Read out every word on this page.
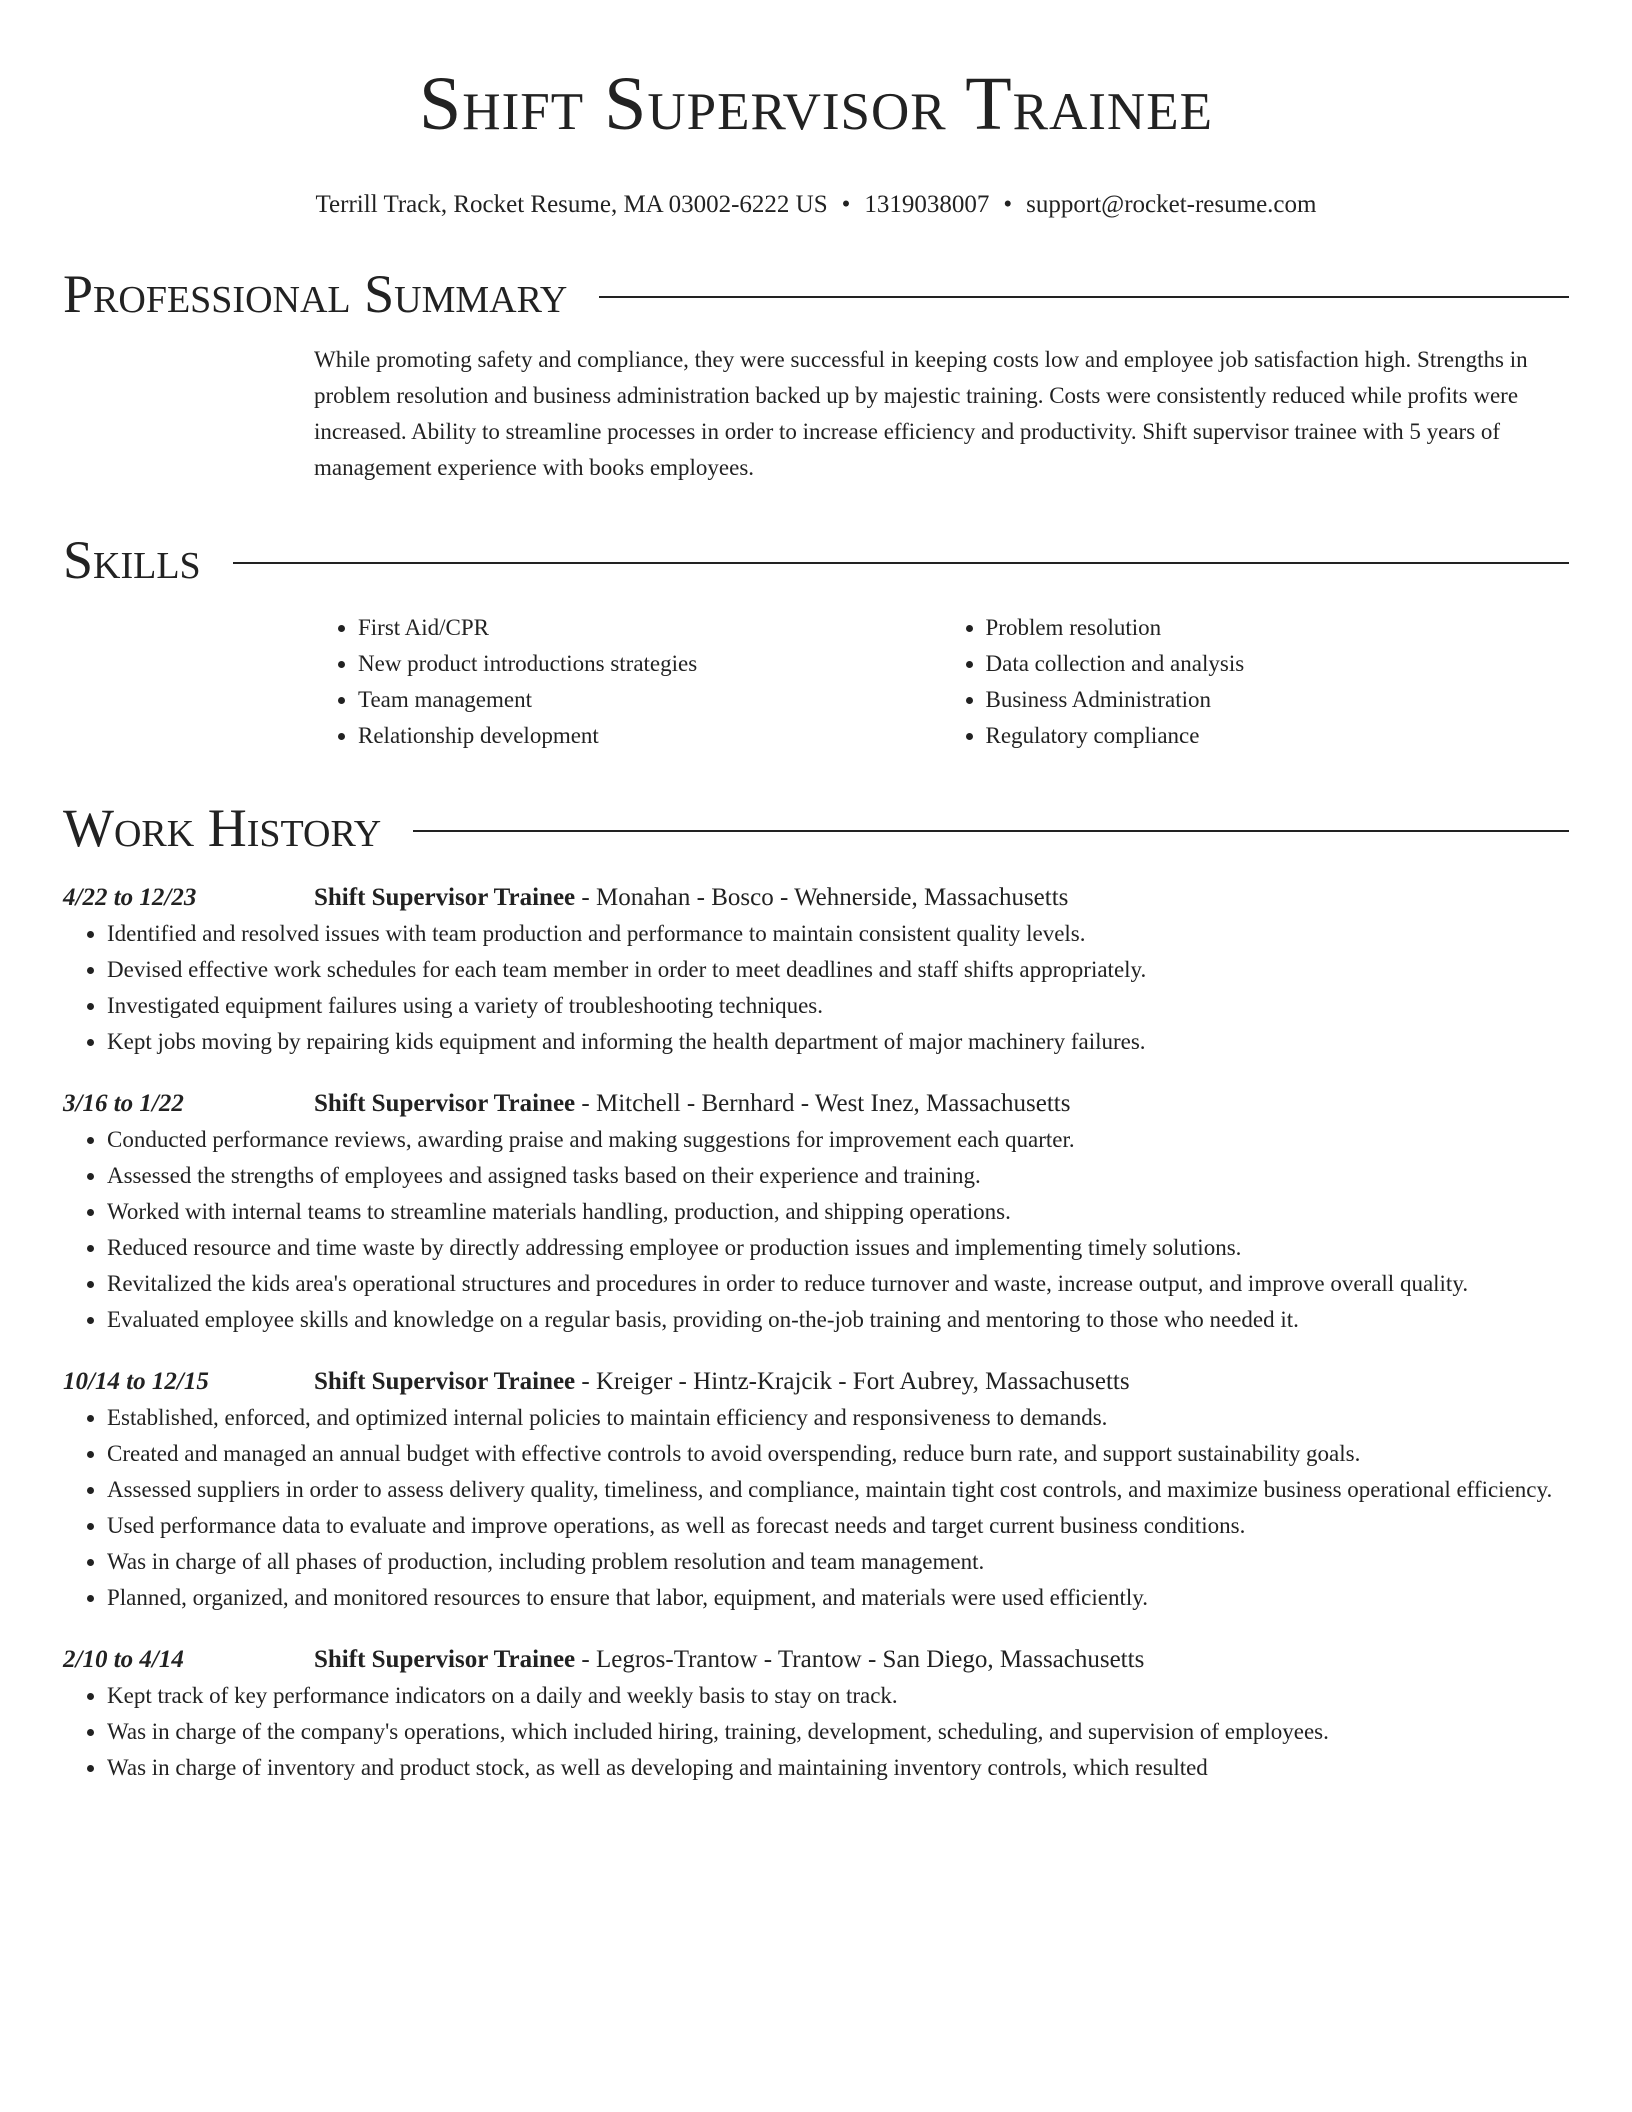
Shift Supervisor Trainee
Terrill Track, Rocket Resume, MA 03002-6222 US • 1319038007 • support@rocket-resume.com
Professional Summary
While promoting safety and compliance, they were successful in keeping costs low and employee job satisfaction high. Strengths in problem resolution and business administration backed up by majestic training. Costs were consistently reduced while profits were increased. Ability to streamline processes in order to increase efficiency and productivity. Shift supervisor trainee with 5 years of management experience with books employees.
Skills
• First Aid/CPR
• New product introductions strategies
• Team management
• Relationship development
• Problem resolution
• Data collection and analysis
• Business Administration
• Regulatory compliance
Work History
4/22 to 12/23	Shift Supervisor Trainee - Monahan - Bosco - Wehnerside, Massachusetts
• Identified and resolved issues with team production and performance to maintain consistent quality levels.
• Devised effective work schedules for each team member in order to meet deadlines and staff shifts appropriately.
• Investigated equipment failures using a variety of troubleshooting techniques.
• Kept jobs moving by repairing kids equipment and informing the health department of major machinery failures.
3/16 to 1/22	Shift Supervisor Trainee - Mitchell - Bernhard - West Inez, Massachusetts
• Conducted performance reviews, awarding praise and making suggestions for improvement each quarter.
• Assessed the strengths of employees and assigned tasks based on their experience and training.
• Worked with internal teams to streamline materials handling, production, and shipping operations.
• Reduced resource and time waste by directly addressing employee or production issues and implementing timely solutions.
• Revitalized the kids area's operational structures and procedures in order to reduce turnover and waste, increase output, and improve overall quality.
• Evaluated employee skills and knowledge on a regular basis, providing on-the-job training and mentoring to those who needed it.
10/14 to 12/15	Shift Supervisor Trainee - Kreiger - Hintz-Krajcik - Fort Aubrey, Massachusetts
• Established, enforced, and optimized internal policies to maintain efficiency and responsiveness to demands.
• Created and managed an annual budget with effective controls to avoid overspending, reduce burn rate, and support sustainability goals.
• Assessed suppliers in order to assess delivery quality, timeliness, and compliance, maintain tight cost controls, and maximize business operational efficiency.
• Used performance data to evaluate and improve operations, as well as forecast needs and target current business conditions.
• Was in charge of all phases of production, including problem resolution and team management.
• Planned, organized, and monitored resources to ensure that labor, equipment, and materials were used efficiently.
2/10 to 4/14	Shift Supervisor Trainee - Legros-Trantow - Trantow - San Diego, Massachusetts
• Kept track of key performance indicators on a daily and weekly basis to stay on track.
• Was in charge of the company's operations, which included hiring, training, development, scheduling, and supervision of employees.
• Was in charge of inventory and product stock, as well as developing and maintaining inventory controls, which resulted
